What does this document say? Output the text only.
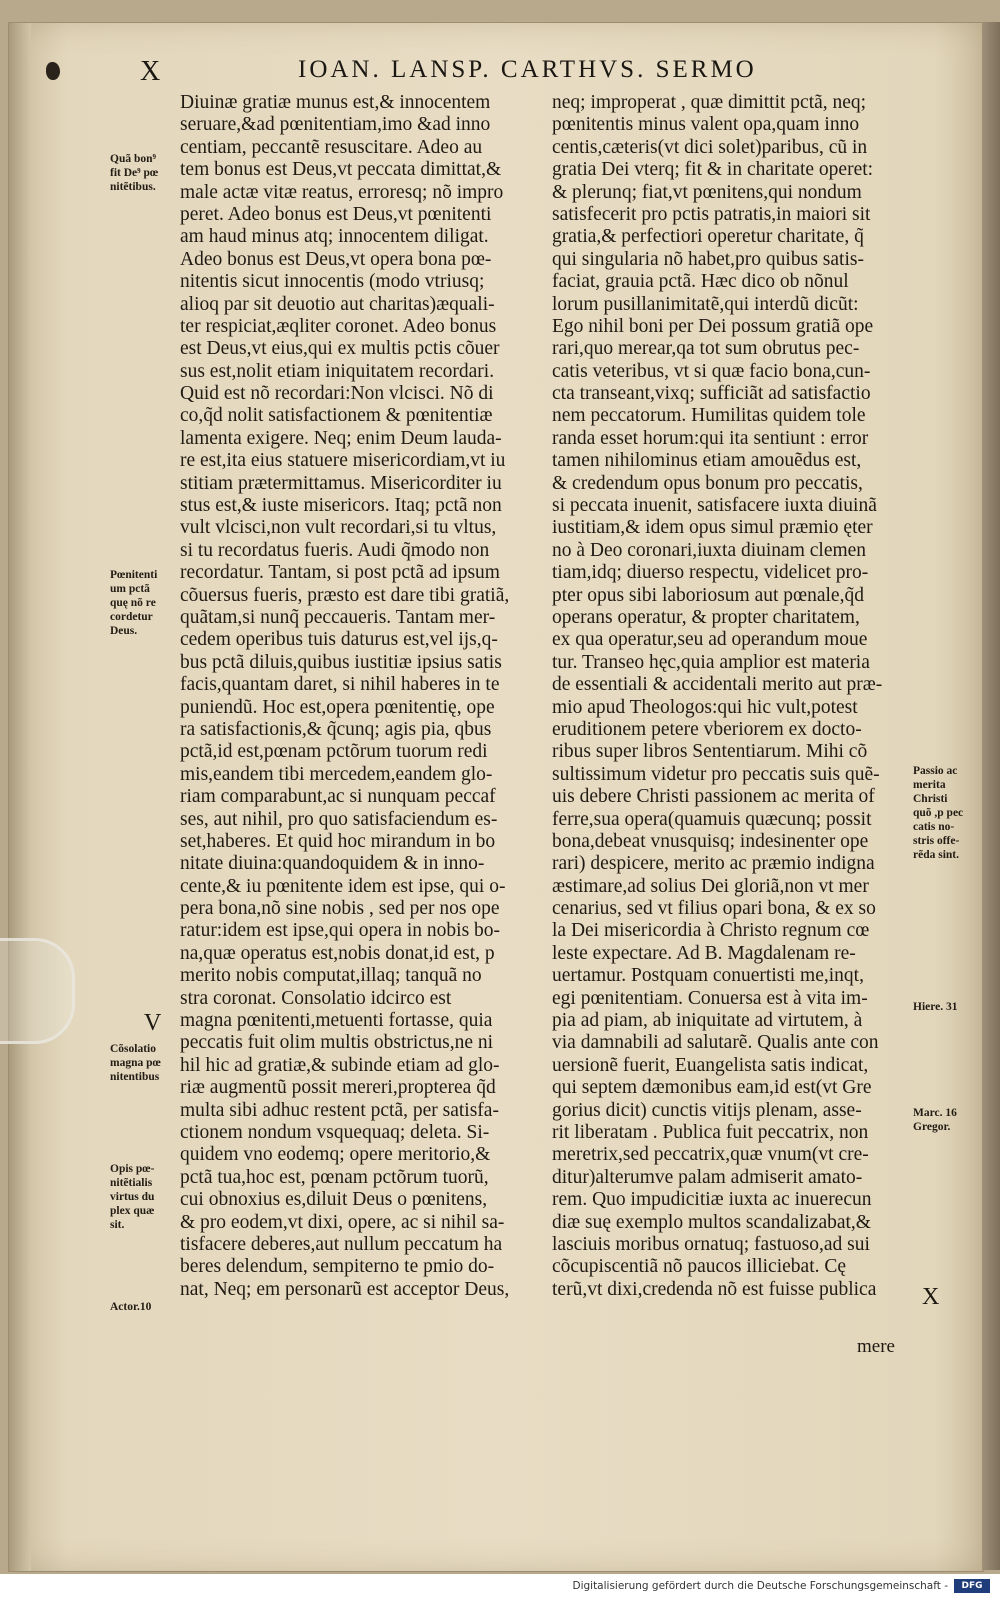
X	IOAN. LANSP. CARTHVS. SERMO
Diuinæ gratiæ munus est,& innocentem
seruare,&ad pœnitentiam,imo &ad inno
centiam, peccantẽ resuscitare. Adeo au
tem bonus est Deus,vt peccata dimittat,&
male actæ vitæ reatus, erroresq; nõ impro
peret. Adeo bonus est Deus,vt pœnitenti
am haud minus atq; innocentem diligat.
Adeo bonus est Deus,vt opera bona pœ-
nitentis sicut innocentis (modo vtriusq;
alioq par sit deuotio aut charitas)æquali-
ter respiciat,æqliter coronet. Adeo bonus
est Deus,vt eius,qui ex multis pctis cõuer
sus est,nolit etiam iniquitatem recordari.
Quid est nõ recordari:Non vlcisci. Nõ di
co,q̃d nolit satisfactionem & pœnitentiæ
lamenta exigere. Neq; enim Deum lauda-
re est,ita eius statuere misericordiam,vt iu
stitiam prætermittamus. Misericorditer iu
stus est,& iuste misericors. Itaq; pctã non
vult vlcisci,non vult recordari,si tu vltus,
si tu recordatus fueris. Audi q̃modo non
recordatur. Tantam, si post pctã ad ipsum
cõuersus fueris, præsto est dare tibi gratiã,
quãtam,si nunq̃ peccaueris. Tantam mer-
cedem operibus tuis daturus est,vel ĳs,q-
bus pctã diluis,quibus iustitiæ ipsius satis
facis,quantam daret, si nihil haberes in te
puniendũ. Hoc est,opera pœnitentię, ope
ra satisfactionis,& q̃cunq; agis pia, qbus
pctã,id est,pœnam pctõrum tuorum redi
mis,eandem tibi mercedem,eandem glo-
riam comparabunt,ac si nunquam peccaf
ses, aut nihil, pro quo satisfaciendum es-
set,haberes. Et quid hoc mirandum in bo
nitate diuina:quandoquidem & in inno-
cente,& iu pœnitente idem est ipse, qui o-
pera bona,nõ sine nobis , sed per nos ope
ratur:idem est ipse,qui opera in nobis bo-
na,quæ operatus est,nobis donat,id est, p
merito nobis computat,illaq; tanquã no
stra coronat. Consolatio idcirco est
magna pœnitenti,metuenti fortasse, quia
peccatis fuit olim multis obstrictus,ne ni
hil hic ad gratiæ,& subinde etiam ad glo-
riæ augmentũ possit mereri,propterea q̃d
multa sibi adhuc restent pctã, per satisfa-
ctionem nondum vsquequaq; deleta. Si-
quidem vno eodemq; opere meritorio,&
pctã tua,hoc est, pœnam pctõrum tuorũ,
cui obnoxius es,diluit Deus o pœnitens,
& pro eodem,vt dixi, opere, ac si nihil sa-
tisfacere deberes,aut nullum peccatum ha
beres delendum, sempiterno te pmio do-
nat, Neq; em personarũ est acceptor Deus,
neq; improperat , quæ dimittit pctã, neq;
pœnitentis minus valent opa,quam inno
centis,cæteris(vt dici solet)paribus, cũ in
gratia Dei vterq; fit & in charitate operet:
& plerunq; fiat,vt pœnitens,qui nondum
satisfecerit pro pctis patratis,in maiori sit
gratia,& perfectiori operetur charitate, q̃
qui singularia nõ habet,pro quibus satis-
faciat, grauia pctã. Hæc dico ob nõnul
lorum pusillanimitatẽ,qui interdũ dicũt:
Ego nihil boni per Dei possum gratiã ope
rari,quo merear,qa tot sum obrutus pec-
catis veteribus, vt si quæ facio bona,cun-
cta transeant,vixq; sufficiãt ad satisfactio
nem peccatorum. Humilitas quidem tole
randa esset horum:qui ita sentiunt : error
tamen nihilominus etiam amouẽdus est,
& credendum opus bonum pro peccatis,
si peccata inuenit, satisfacere iuxta diuinã
iustitiam,& idem opus simul præmio ęter
no à Deo coronari,iuxta diuinam clemen
tiam,idq; diuerso respectu, videlicet pro-
pter opus sibi laboriosum aut pœnale,q̃d
operans operatur, & propter charitatem,
ex qua operatur,seu ad operandum moue
tur. Transeo hęc,quia amplior est materia
de essentiali & accidentali merito aut præ-
mio apud Theologos:qui hic vult,potest
eruditionem petere vberiorem ex docto-
ribus super libros Sententiarum. Mihi cõ
sultissimum videtur pro peccatis suis quẽ-
uis debere Christi passionem ac merita of
ferre,sua opera(quamuis quæcunq; possit
bona,debeat vnusquisq; indesinenter ope
rari) despicere, merito ac præmio indigna
æstimare,ad solius Dei gloriã,non vt mer
cenarius, sed vt filius opari bona, & ex so
la Dei misericordia à Christo regnum cœ
leste expectare. Ad B. Magdalenam re-
uertamur. Postquam conuertisti me,inqt,
egi pœnitentiam. Conuersa est à vita im-
pia ad piam, ab iniquitate ad virtutem, à
via damnabili ad salutarẽ. Qualis ante con
uersionẽ fuerit, Euangelista satis indicat,
qui septem dæmonibus eam,id est(vt Gre
gorius dicit) cunctis vitĳs plenam, asse-
rit liberatam . Publica fuit peccatrix, non
meretrix,sed peccatrix,quæ vnum(vt cre-
ditur)alterumve palam admiserit amato-
rem. Quo impudicitiæ iuxta ac inuerecun
diæ suę exemplo multos scandalizabat,&
lasciuis moribus ornatuq; fastuoso,ad sui
cõcupiscentiã nõ paucos illiciebat. Cę
terũ,vt dixi,credenda nõ est fuisse publica
Quã bon⁹
fit De⁹ pœ
nitẽtibus.
Pœnitenti
um pctã
quę nõ re
cordetur
Deus.
V
Cõsolatio
magna pœ
nitentibus
Opis pœ-
nitẽtialis
virtus du
plex quæ
sit.
Actor.10
Passio ac
merita
Christi
quõ ,p pec
catis no-
stris offe-
rẽda sint.
Hiere. 31
Marc. 16
Gregor.
X
mere
Digitalisierung gefördert durch die Deutsche Forschungsgemeinschaft -	DFG
